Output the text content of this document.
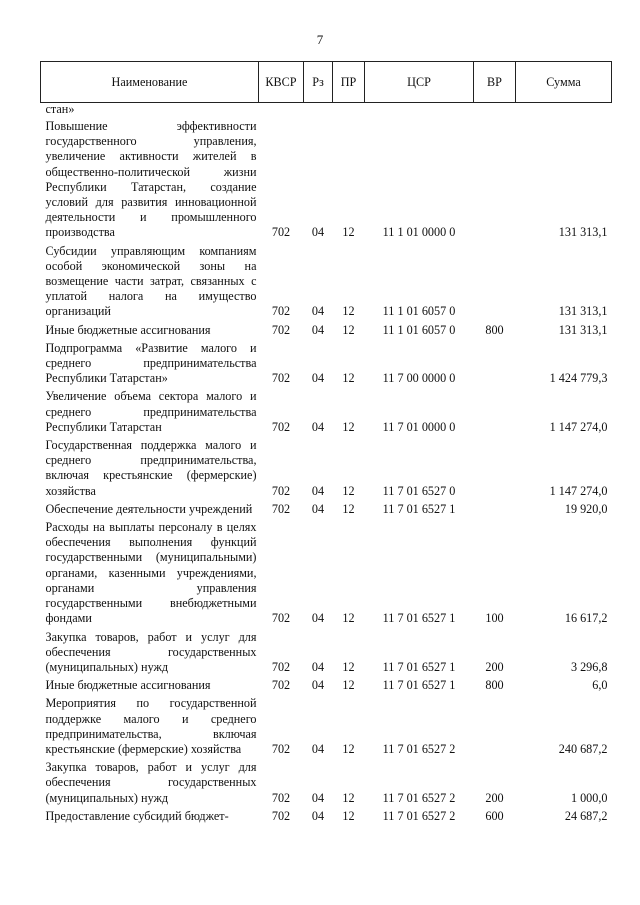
7
Наименование	КВСР	Рз	ПР	ЦСР	ВР	Сумма
стан»						
Повышение эффективности государственного управления, увеличение активности жителей в общественно-политической жизни Республики Татарстан, создание условий для развития инновационной деятельности и промышленного производства	702	04	12	11 1 01 0000 0		131 313,1
Субсидии управляющим компаниям особой экономической зоны на возмещение части затрат, связанных с уплатой налога на имущество организаций	702	04	12	11 1 01 6057 0		131 313,1
Иные бюджетные ассигнования	702	04	12	11 1 01 6057 0	800	131 313,1
Подпрограмма «Развитие малого и среднего предпринимательства Республики Татарстан»	702	04	12	11 7 00 0000 0		1 424 779,3
Увеличение объема сектора малого и среднего предпринимательства Республики Татарстан	702	04	12	11 7 01 0000 0		1 147 274,0
Государственная поддержка малого и среднего предпринимательства, включая крестьянские (фермерские) хозяйства	702	04	12	11 7 01 6527 0		1 147 274,0
Обеспечение деятельности учреждений	702	04	12	11 7 01 6527 1		19 920,0
Расходы на выплаты персоналу в целях обеспечения выполнения функций государственными (муниципальными) органами, казенными учреждениями, органами управления государственными внебюджетными фондами	702	04	12	11 7 01 6527 1	100	16 617,2
Закупка товаров, работ и услуг для обеспечения государственных (муниципальных) нужд	702	04	12	11 7 01 6527 1	200	3 296,8
Иные бюджетные ассигнования	702	04	12	11 7 01 6527 1	800	6,0
Мероприятия по государственной поддержке малого и среднего предпринимательства, включая крестьянские (фермерские) хозяйства	702	04	12	11 7 01 6527 2		240 687,2
Закупка товаров, работ и услуг для обеспечения государственных (муниципальных) нужд	702	04	12	11 7 01 6527 2	200	1 000,0
Предоставление субсидий бюджет-	702	04	12	11 7 01 6527 2	600	24 687,2
